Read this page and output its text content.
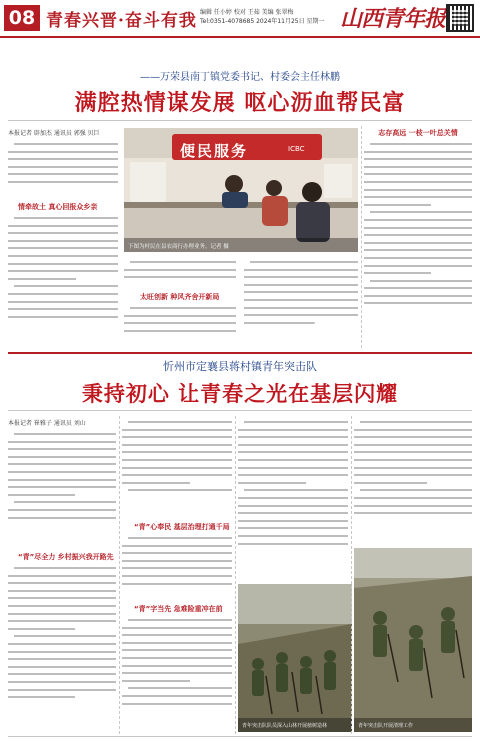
08 青春兴晋·奋斗有我 编辑 任小婷 校对 王茹 美编 张翠梅
Tel:0351-4078685 2024年11月25日 星期一 山西青年报
——万荣县南丁镇党委书记、村委会主任林鹏
满腔热情谋发展 呕心沥血帮民富
本报记者 辟加杰 通讯员 郭强 贝巨
情牵故土 真心回报众乡亲
便民服务	ICBC
下图为村民在县农商行办理业务。记者 摄
太旺创新 种风齐舍开新局
志存高远 一枝一叶总关情
忻州市定襄县蒋村镇青年突击队
秉持初心 让青春之光在基层闪耀
本报记者 崔雅子 通讯员 刘山
“青”尽全力 乡村振兴我开路先
“青”心奉民 基层治理打通千局
“青”字当先 急难险重冲在前
青年突击队队员深入山林开展植树造林	青年突击队开展清理工作
